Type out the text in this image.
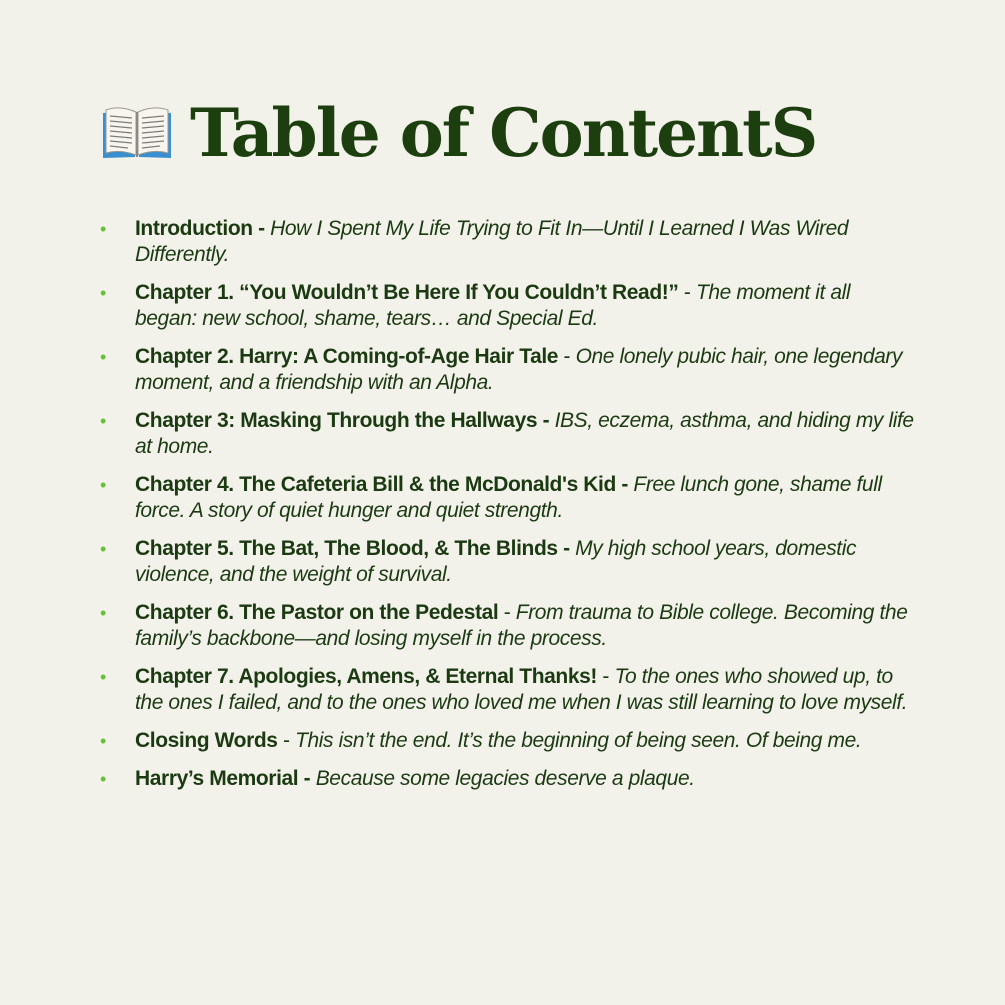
Table of ContentS
• Introduction - How I Spent My Life Trying to Fit In—Until I Learned I Was Wired Differently.
• Chapter 1. “You Wouldn’t Be Here If You Couldn’t Read!” - The moment it all began: new school, shame, tears… and Special Ed.
• Chapter 2. Harry: A Coming-of-Age Hair Tale - One lonely pubic hair, one legendary moment, and a friendship with an Alpha.
• Chapter 3: Masking Through the Hallways - IBS, eczema, asthma, and hiding my life at home.
• Chapter 4. The Cafeteria Bill & the McDonald's Kid - Free lunch gone, shame full force. A story of quiet hunger and quiet strength.
• Chapter 5. The Bat, The Blood, & The Blinds - My high school years, domestic violence, and the weight of survival.
• Chapter 6. The Pastor on the Pedestal - From trauma to Bible college. Becoming the family’s backbone—and losing myself in the process.
• Chapter 7. Apologies, Amens, & Eternal Thanks! - To the ones who showed up, to the ones I failed, and to the ones who loved me when I was still learning to love myself.
• Closing Words - This isn’t the end. It’s the beginning of being seen. Of being me.
• Harry’s Memorial - Because some legacies deserve a plaque.
